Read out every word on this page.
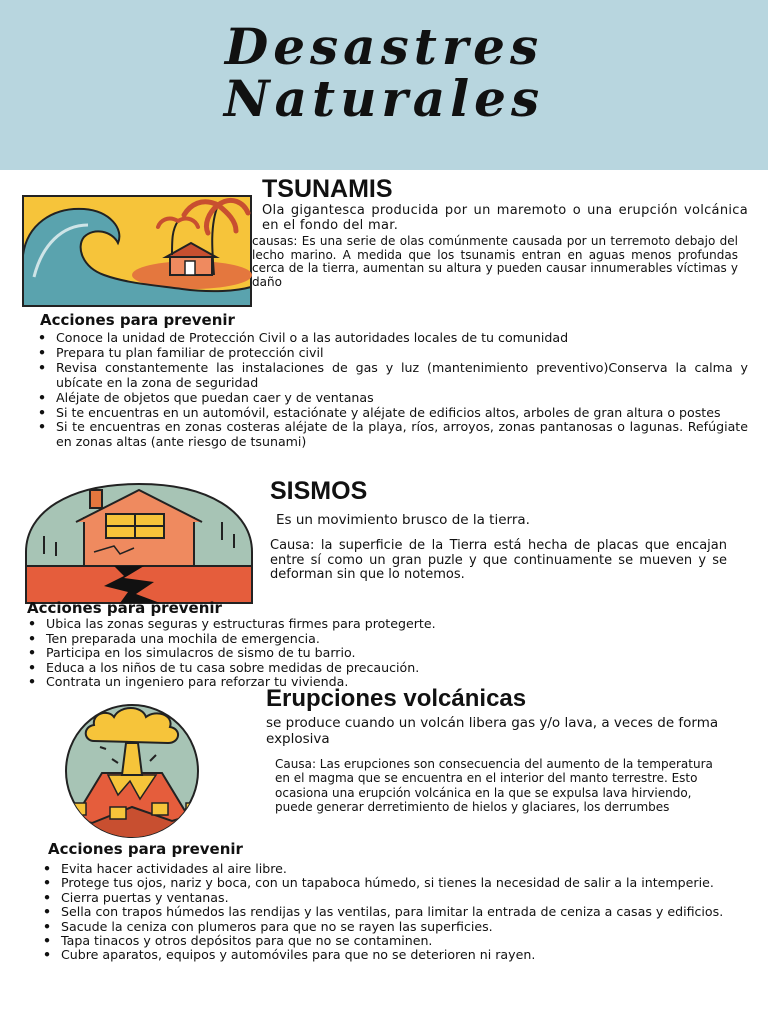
Desastres
Naturales
TSUNAMIS
Ola gigantesca producida por un maremoto o una erupción volcánica en el fondo del mar.
causas: Es una serie de olas comúnmente causada por un terremoto debajo del lecho marino. A medida que los tsunamis entran en aguas menos profundas cerca de la tierra, aumentan su altura y pueden causar innumerables víctimas y daño
Acciones para prevenir
• Conoce la unidad de Protección Civil o a las autoridades locales de tu comunidad
• Prepara tu plan familiar de protección civil
• Revisa constantemente las instalaciones de gas y luz (mantenimiento preventivo)Conserva la calma y ubícate en la zona de seguridad
• Aléjate de objetos que puedan caer y de ventanas
• Si te encuentras en un automóvil, estaciónate y aléjate de edificios altos, arboles de gran altura o postes
• Si te encuentras en zonas costeras aléjate de la playa, ríos, arroyos, zonas pantanosas o lagunas. Refúgiate en zonas altas (ante riesgo de tsunami)
SISMOS
Es un movimiento brusco de la tierra.
Causa: la superficie de la Tierra está hecha de placas que encajan entre sí como un gran puzle y que continuamente se mueven y se deforman sin que lo notemos.
Acciones para prevenir
• Ubica las zonas seguras y estructuras firmes para protegerte.
• Ten preparada una mochila de emergencia.
• Participa en los simulacros de sismo de tu barrio.
• Educa a los niños de tu casa sobre medidas de precaución.
• Contrata un ingeniero para reforzar tu vivienda.
Erupciones volcánicas
se produce cuando un volcán libera gas y/o lava, a veces de forma explosiva
Causa: Las erupciones son consecuencia del aumento de la temperatura en el magma que se encuentra en el interior del manto terrestre. Esto ocasiona una erupción volcánica en la que se expulsa lava hirviendo, puede generar derretimiento de hielos y glaciares, los derrumbes
Acciones para prevenir
• Evita hacer actividades al aire libre.
• Protege tus ojos, nariz y boca, con un tapaboca húmedo, si tienes la necesidad de salir a la intemperie.
• Cierra puertas y ventanas.
• Sella con trapos húmedos las rendijas y las ventilas, para limitar la entrada de ceniza a casas y edificios.
• Sacude la ceniza con plumeros para que no se rayen las superficies.
• Tapa tinacos y otros depósitos para que no se contaminen.
• Cubre aparatos, equipos y automóviles para que no se deterioren ni rayen.
